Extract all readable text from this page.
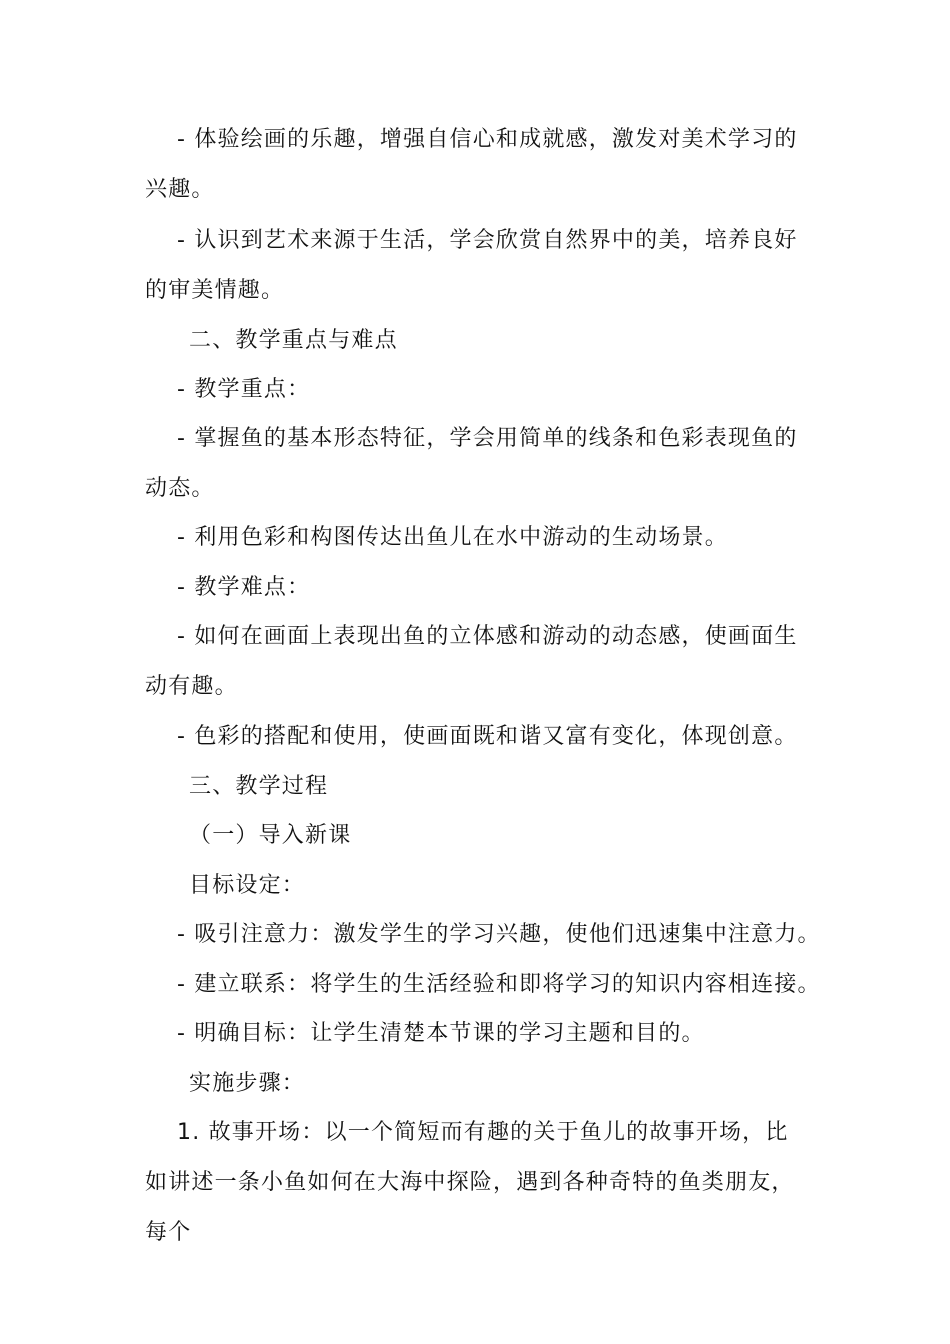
- 体验绘画的乐趣，增强自信心和成就感，激发对美术学习的兴趣。

- 认识到艺术来源于生活，学会欣赏自然界中的美，培养良好的审美情趣。

二、教学重点与难点

- 教学重点：

- 掌握鱼的基本形态特征，学会用简单的线条和色彩表现鱼的动态。

- 利用色彩和构图传达出鱼儿在水中游动的生动场景。

- 教学难点：

- 如何在画面上表现出鱼的立体感和游动的动态感，使画面生动有趣。

- 色彩的搭配和使用，使画面既和谐又富有变化，体现创意。

三、教学过程

（一）导入新课

目标设定：

- 吸引注意力：激发学生的学习兴趣，使他们迅速集中注意力。

- 建立联系：将学生的生活经验和即将学习的知识内容相连接。

- 明确目标：让学生清楚本节课的学习主题和目的。

实施步骤：

1. 故事开场：以一个简短而有趣的关于鱼儿的故事开场，比如讲述一条小鱼如何在大海中探险，遇到各种奇特的鱼类朋友，每个
